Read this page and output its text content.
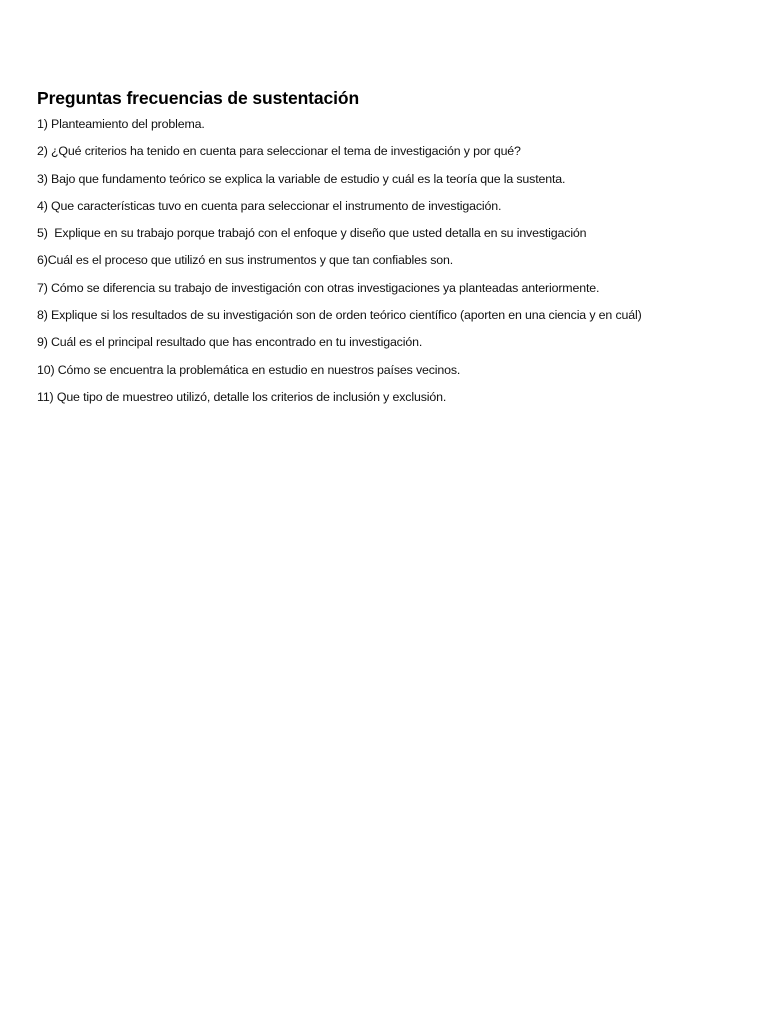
Preguntas frecuencias de sustentación
1) Planteamiento del problema.
2) ¿Qué criterios ha tenido en cuenta para seleccionar el tema de investigación y por qué?
3) Bajo que fundamento teórico se explica la variable de estudio y cuál es la teoría que la sustenta.
4) Que características tuvo en cuenta para seleccionar el instrumento de investigación.
5)  Explique en su trabajo porque trabajó con el enfoque y diseño que usted detalla en su investigación
6)Cuál es el proceso que utilizó en sus instrumentos y que tan confiables son.
7) Cómo se diferencia su trabajo de investigación con otras investigaciones ya planteadas anteriormente.
8) Explique si los resultados de su investigación son de orden teórico científico (aporten en una ciencia y en cuál)
9) Cuál es el principal resultado que has encontrado en tu investigación.
10) Cómo se encuentra la problemática en estudio en nuestros países vecinos.
11) Que tipo de muestreo utilizó, detalle los criterios de inclusión y exclusión.
